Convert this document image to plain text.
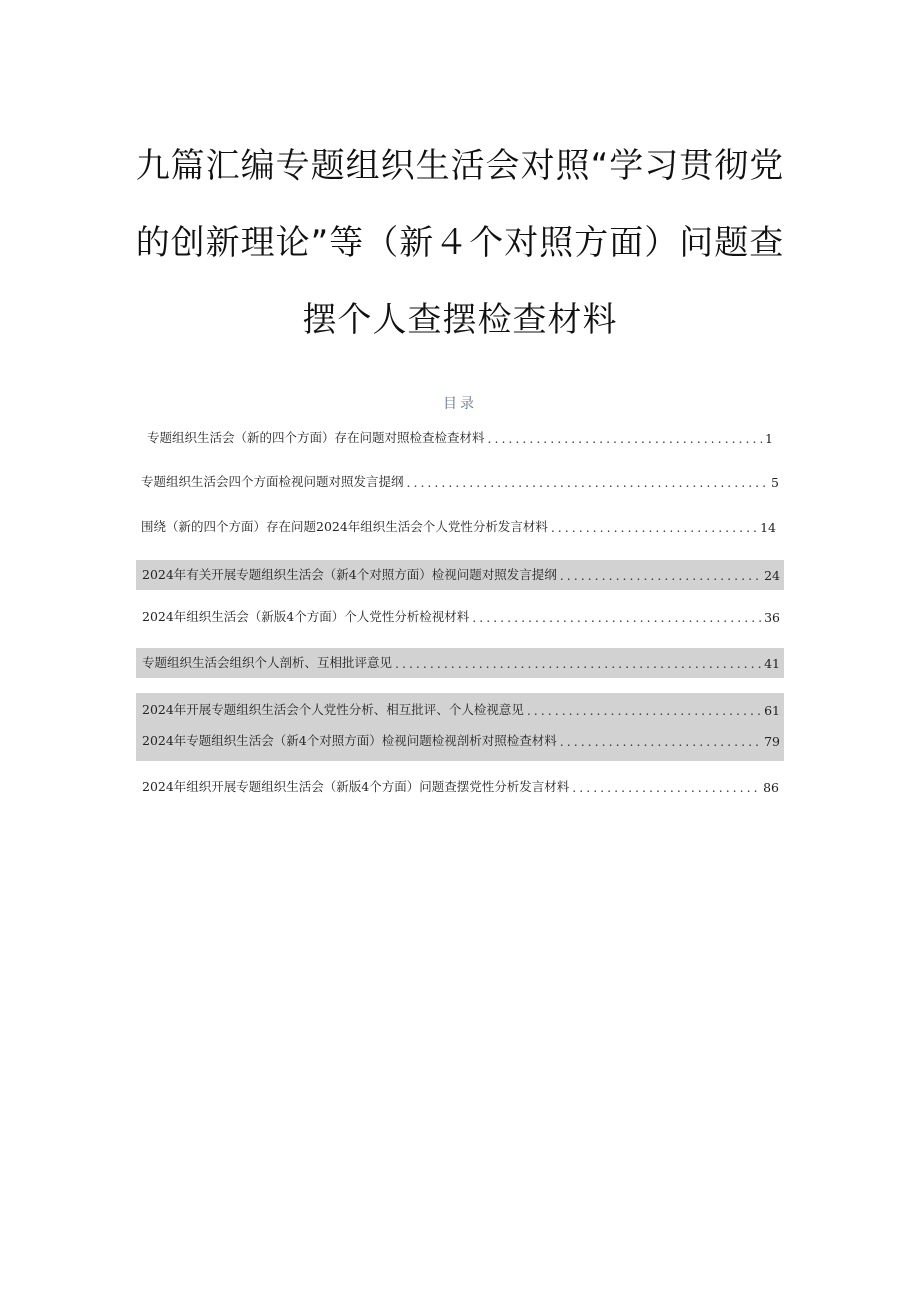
九篇汇编专题组织生活会对照“学习贯彻党
的创新理论”等（新４个对照方面）问题查
摆个人查摆检查材料
目录
专题组织生活会（新的四个方面）存在问题对照检查检查材料 .....	1
专题组织生活会四个方面检视问题对照发言提纲 .....	5
围绕（新的四个方面）存在问题2024年组织生活会个人党性分析发言材料 .....	14
2024年有关开展专题组织生活会（新4个对照方面）检视问题对照发言提纲 .....	24
2024年组织生活会（新版4个方面）个人党性分析检视材料 .....	36
专题组织生活会组织个人剖析、互相批评意见 .....	41
2024年开展专题组织生活会个人党性分析、相互批评、个人检视意见 .....	61
2024年专题组织生活会（新4个对照方面）检视问题检视剖析对照检查材料 .....	79
2024年组织开展专题组织生活会（新版4个方面）问题查摆党性分析发言材料 .....	86
